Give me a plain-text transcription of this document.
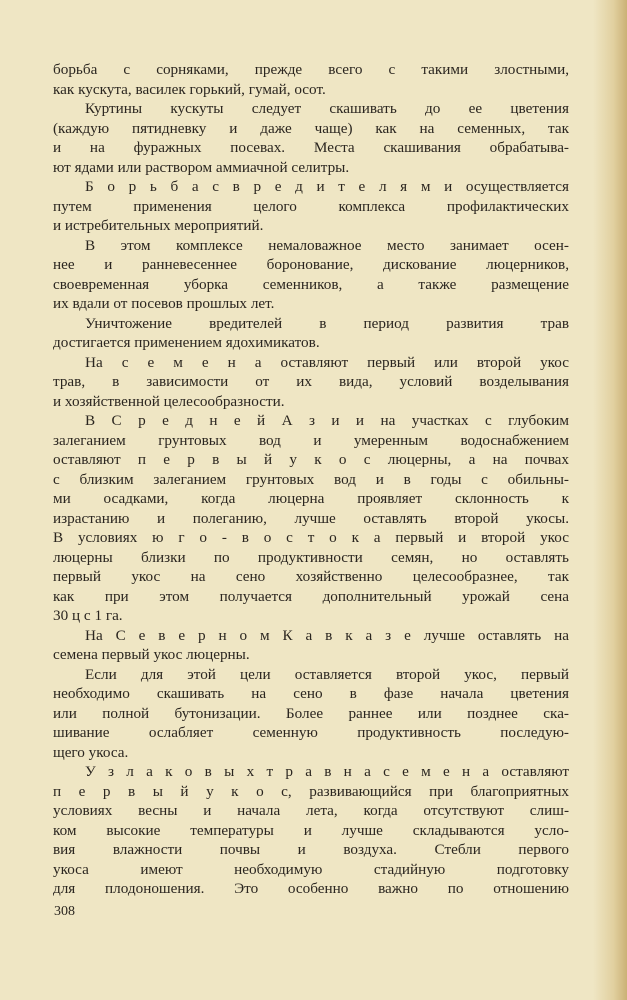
борьба с сорняками, прежде всего с такими злостными,
как кускута, василек горький, гумай, осот.
Куртины кускуты следует скашивать до ее цветения
(каждую пятидневку и даже чаще) как на семенных, так
и на фуражных посевах. Места скашивания обрабатыва-
ют ядами или раствором аммиачной селитры.
Б о р ь б а с в р е д и т е л я м и осуществляется
путем применения целого комплекса профилактических
и истребительных мероприятий.
В этом комплексе немаловажное место занимает осен-
нее и ранневесеннее боронование, дискование люцерников,
своевременная уборка семенников, а также размещение
их вдали от посевов прошлых лет.
Уничтожение вредителей в период развития трав
достигается применением ядохимикатов.
На с е м е н а оставляют первый или второй укос
трав, в зависимости от их вида, условий возделывания
и хозяйственной целесообразности.
В С р е д н е й А з и и на участках с глубоким
залеганием грунтовых вод и умеренным водоснабжением
оставляют п е р в ы й у к о с люцерны, а на почвах
с близким залеганием грунтовых вод и в годы с обильны-
ми осадками, когда люцерна проявляет склонность к
израстанию и полеганию, лучше оставлять второй укосы.
В условиях ю г о - в о с т о к а первый и второй укос
люцерны близки по продуктивности семян, но оставлять
первый укос на сено хозяйственно целесообразнее, так
как при этом получается дополнительный урожай сена
30 ц с 1 га.
На С е в е р н о м К а в к а з е лучше оставлять на
семена первый укос люцерны.
Если для этой цели оставляется второй укос, первый
необходимо скашивать на сено в фазе начала цветения
или полной бутонизации. Более раннее или позднее ска-
шивание ослабляет семенную продуктивность последую-
щего укоса.
У з л а к о в ы х т р а в н а с е м е н а оставляют
п е р в ы й у к о с, развивающийся при благоприятных
условиях весны и начала лета, когда отсутствуют слиш-
ком высокие температуры и лучше складываются усло-
вия влажности почвы и воздуха. Стебли первого
укоса имеют необходимую стадийную подготовку
для плодоношения. Это особенно важно по отношению
308
